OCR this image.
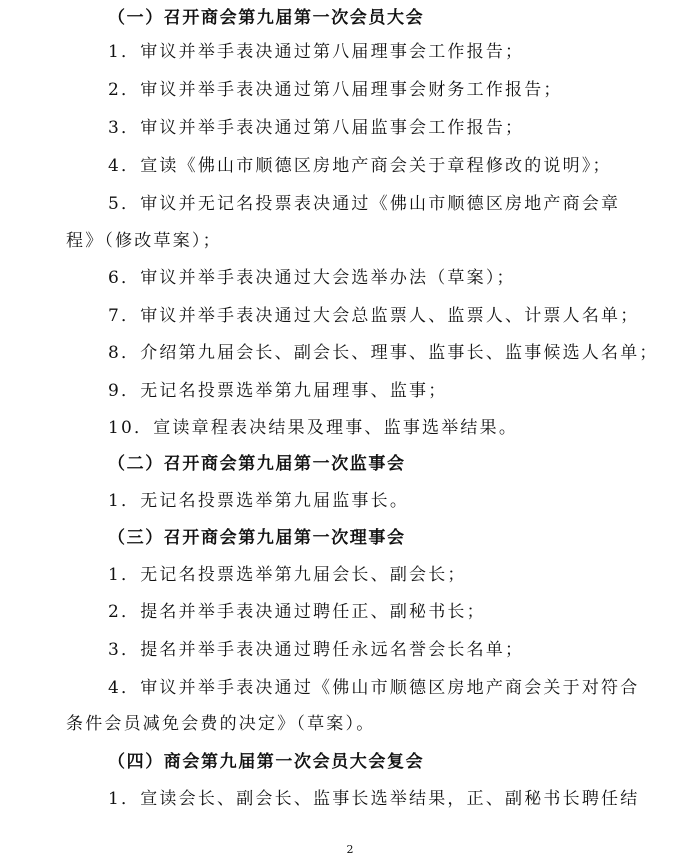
（一）召开商会第九届第一次会员大会
1．审议并举手表决通过第八届理事会工作报告；
2．审议并举手表决通过第八届理事会财务工作报告；
3．审议并举手表决通过第八届监事会工作报告；
4．宣读《佛山市顺德区房地产商会关于章程修改的说明》；
5．审议并无记名投票表决通过《佛山市顺德区房地产商会章
程》（修改草案）；
6．审议并举手表决通过大会选举办法（草案）；
7．审议并举手表决通过大会总监票人、监票人、计票人名单；
8．介绍第九届会长、副会长、理事、监事长、监事候选人名单；
9．无记名投票选举第九届理事、监事；
10．宣读章程表决结果及理事、监事选举结果。
（二）召开商会第九届第一次监事会
1．无记名投票选举第九届监事长。
（三）召开商会第九届第一次理事会
1．无记名投票选举第九届会长、副会长；
2．提名并举手表决通过聘任正、副秘书长；
3．提名并举手表决通过聘任永远名誉会长名单；
4．审议并举手表决通过《佛山市顺德区房地产商会关于对符合
条件会员减免会费的决定》（草案）。
（四）商会第九届第一次会员大会复会
1．宣读会长、副会长、监事长选举结果，正、副秘书长聘任结
2
